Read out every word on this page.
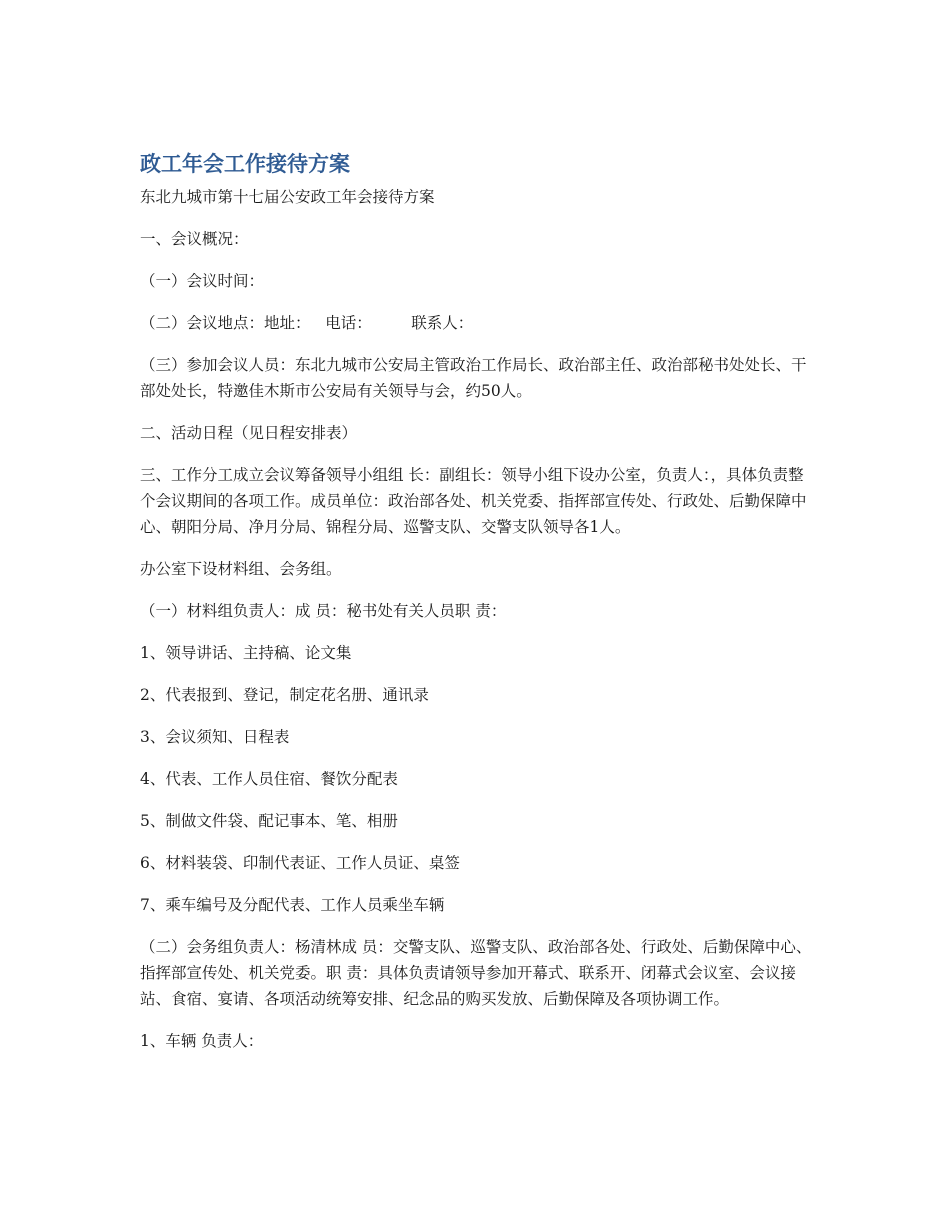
政工年会工作接待方案

东北九城市第十七届公安政工年会接待方案

一、会议概况：

（一）会议时间：

（二）会议地点：地址：   电话：        联系人：

（三）参加会议人员：东北九城市公安局主管政治工作局长、政治部主任、政治部秘书处处长、干部处处长，特邀佳木斯市公安局有关领导与会，约50人。

二、活动日程（见日程安排表）

三、工作分工成立会议筹备领导小组组 长：副组长：领导小组下设办公室，负责人：，具体负责整个会议期间的各项工作。成员单位：政治部各处、机关党委、指挥部宣传处、行政处、后勤保障中心、朝阳分局、净月分局、锦程分局、巡警支队、交警支队领导各1人。

办公室下设材料组、会务组。

（一）材料组负责人：成 员：秘书处有关人员职 责：

1、领导讲话、主持稿、论文集

2、代表报到、登记，制定花名册、通讯录

3、会议须知、日程表

4、代表、工作人员住宿、餐饮分配表

5、制做文件袋、配记事本、笔、相册

6、材料装袋、印制代表证、工作人员证、桌签

7、乘车编号及分配代表、工作人员乘坐车辆

（二）会务组负责人：杨清林成 员：交警支队、巡警支队、政治部各处、行政处、后勤保障中心、指挥部宣传处、机关党委。职 责：具体负责请领导参加开幕式、联系开、闭幕式会议室、会议接站、食宿、宴请、各项活动统筹安排、纪念品的购买发放、后勤保障及各项协调工作。

1、车辆 负责人：
